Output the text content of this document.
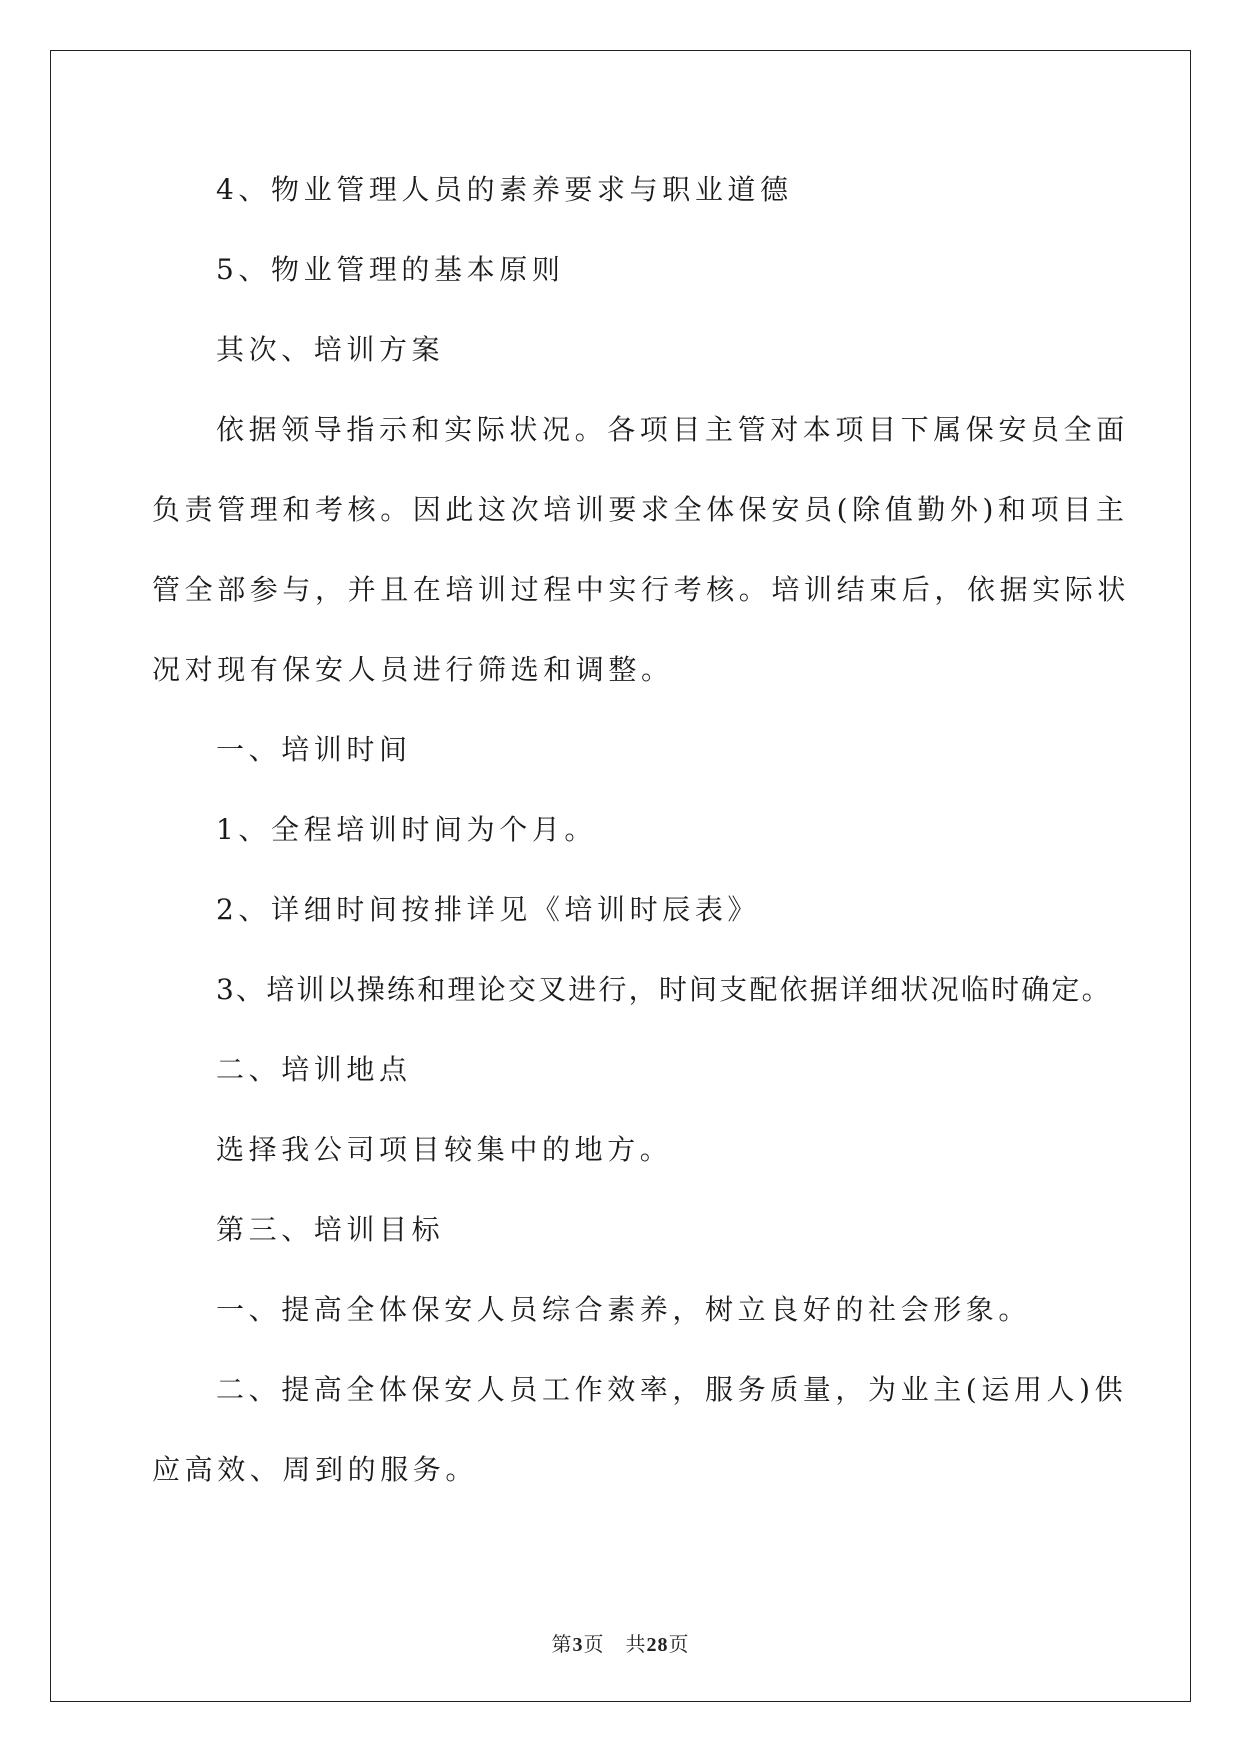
4、物业管理人员的素养要求与职业道德
5、物业管理的基本原则
其次、培训方案
依据领导指示和实际状况。各项目主管对本项目下属保安员全面
负责管理和考核。因此这次培训要求全体保安员(除值勤外)和项目主
管全部参与，并且在培训过程中实行考核。培训结束后，依据实际状
况对现有保安人员进行筛选和调整。
一、培训时间
1、全程培训时间为个月。
2、详细时间按排详见《培训时辰表》
3、培训以操练和理论交叉进行，时间支配依据详细状况临时确定。
二、培训地点
选择我公司项目较集中的地方。
第三、培训目标
一、提高全体保安人员综合素养，树立良好的社会形象。
二、提高全体保安人员工作效率，服务质量，为业主(运用人)供
应高效、周到的服务。
第3页　共28页
